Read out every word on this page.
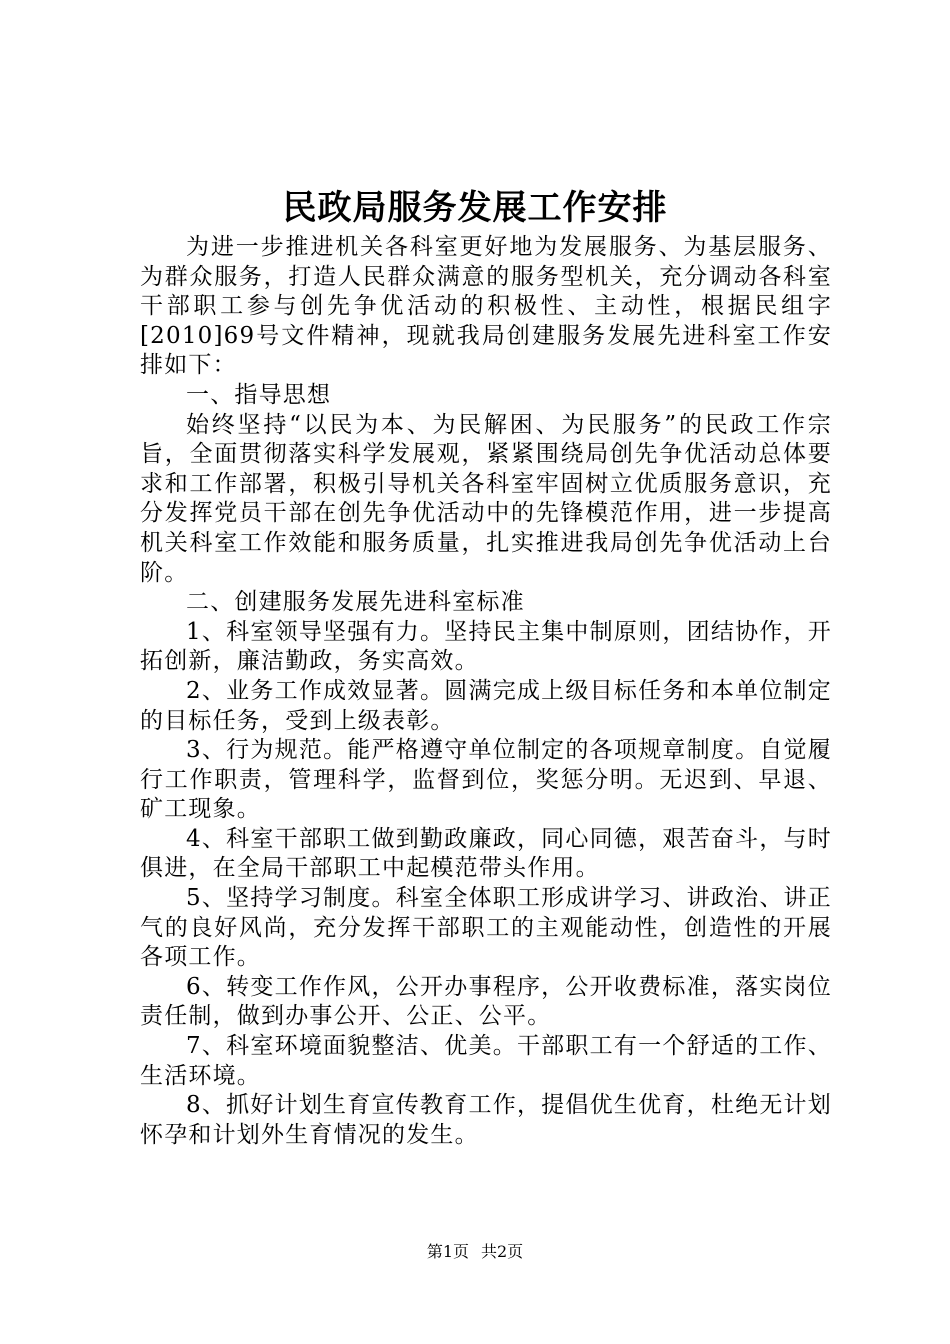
民政局服务发展工作安排

为进一步推进机关各科室更好地为发展服务、为基层服务、为群众服务，打造人民群众满意的服务型机关，充分调动各科室干部职工参与创先争优活动的积极性、主动性，根据民组字[2010]69号文件精神，现就我局创建服务发展先进科室工作安排如下：

一、指导思想

始终坚持“以民为本、为民解困、为民服务”的民政工作宗旨，全面贯彻落实科学发展观，紧紧围绕局创先争优活动总体要求和工作部署，积极引导机关各科室牢固树立优质服务意识，充分发挥党员干部在创先争优活动中的先锋模范作用，进一步提高机关科室工作效能和服务质量，扎实推进我局创先争优活动上台阶。

二、创建服务发展先进科室标准

1、科室领导坚强有力。坚持民主集中制原则，团结协作，开拓创新，廉洁勤政，务实高效。

2、业务工作成效显著。圆满完成上级目标任务和本单位制定的目标任务，受到上级表彰。

3、行为规范。能严格遵守单位制定的各项规章制度。自觉履行工作职责，管理科学，监督到位，奖惩分明。无迟到、早退、矿工现象。

4、科室干部职工做到勤政廉政，同心同德，艰苦奋斗，与时俱进，在全局干部职工中起模范带头作用。

5、坚持学习制度。科室全体职工形成讲学习、讲政治、讲正气的良好风尚，充分发挥干部职工的主观能动性，创造性的开展各项工作。

6、转变工作作风，公开办事程序，公开收费标准，落实岗位责任制，做到办事公开、公正、公平。

7、科室环境面貌整洁、优美。干部职工有一个舒适的工作、生活环境。

8、抓好计划生育宣传教育工作，提倡优生优育，杜绝无计划怀孕和计划外生育情况的发生。

第1页 共2页
